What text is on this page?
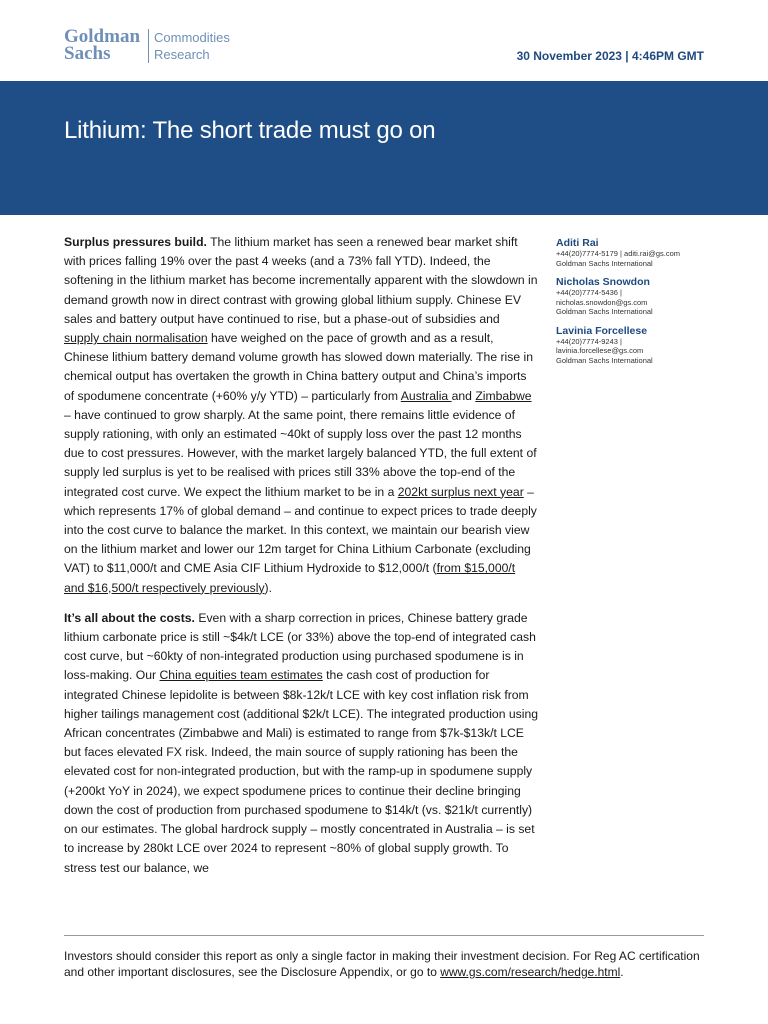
Goldman
Sachs
Commodities
Research	30 November 2023 | 4:46PM GMT
Lithium: The short trade must go on

Surplus pressures build. The lithium market has seen a renewed bear market shift with prices falling 19% over the past 4 weeks (and a 73% fall YTD). Indeed, the softening in the lithium market has become incrementally apparent with the slowdown in demand growth now in direct contrast with growing global lithium supply. Chinese EV sales and battery output have continued to rise, but a phase-out of subsidies and supply chain normalisation have weighed on the pace of growth and as a result, Chinese lithium battery demand volume growth has slowed down materially. The rise in chemical output has overtaken the growth in China battery output and China’s imports of spodumene concentrate (+60% y/y YTD) – particularly from Australia and Zimbabwe – have continued to grow sharply. At the same point, there remains little evidence of supply rationing, with only an estimated ~40kt of supply loss over the past 12 months due to cost pressures. However, with the market largely balanced YTD, the full extent of supply led surplus is yet to be realised with prices still 33% above the top-end of the integrated cost curve. We expect the lithium market to be in a 202kt surplus next year – which represents 17% of global demand – and continue to expect prices to trade deeply into the cost curve to balance the market. In this context, we maintain our bearish view on the lithium market and lower our 12m target for China Lithium Carbonate (excluding VAT) to $11,000/t and CME Asia CIF Lithium Hydroxide to $12,000/t (from $15,000/t and $16,500/t respectively previously).

It’s all about the costs. Even with a sharp correction in prices, Chinese battery grade lithium carbonate price is still ~$4k/t LCE (or 33%) above the top-end of integrated cash cost curve, but ~60kty of non-integrated production using purchased spodumene is in loss-making. Our China equities team estimates the cash cost of production for integrated Chinese lepidolite is between $8k-12k/t LCE with key cost inflation risk from higher tailings management cost (additional $2k/t LCE). The integrated production using African concentrates (Zimbabwe and Mali) is estimated to range from $7k-$13k/t LCE but faces elevated FX risk. Indeed, the main source of supply rationing has been the elevated cost for non-integrated production, but with the ramp-up in spodumene supply (+200kt YoY in 2024), we expect spodumene prices to continue their decline bringing down the cost of production from purchased spodumene to $14k/t (vs. $21k/t currently) on our estimates. The global hardrock supply – mostly concentrated in Australia – is set to increase by 280kt LCE over 2024 to represent ~80% of global supply growth. To stress test our balance, we

Aditi Rai
+44(20)7774-5179 | aditi.rai@gs.com
Goldman Sachs International
Nicholas Snowdon
+44(20)7774-5436 |
nicholas.snowdon@gs.com
Goldman Sachs International
Lavinia Forcellese
+44(20)7774-9243 |
lavinia.forcellese@gs.com
Goldman Sachs International
Investors should consider this report as only a single factor in making their investment decision. For Reg AC certification and other important disclosures, see the Disclosure Appendix, or go to www.gs.com/research/hedge.html.
